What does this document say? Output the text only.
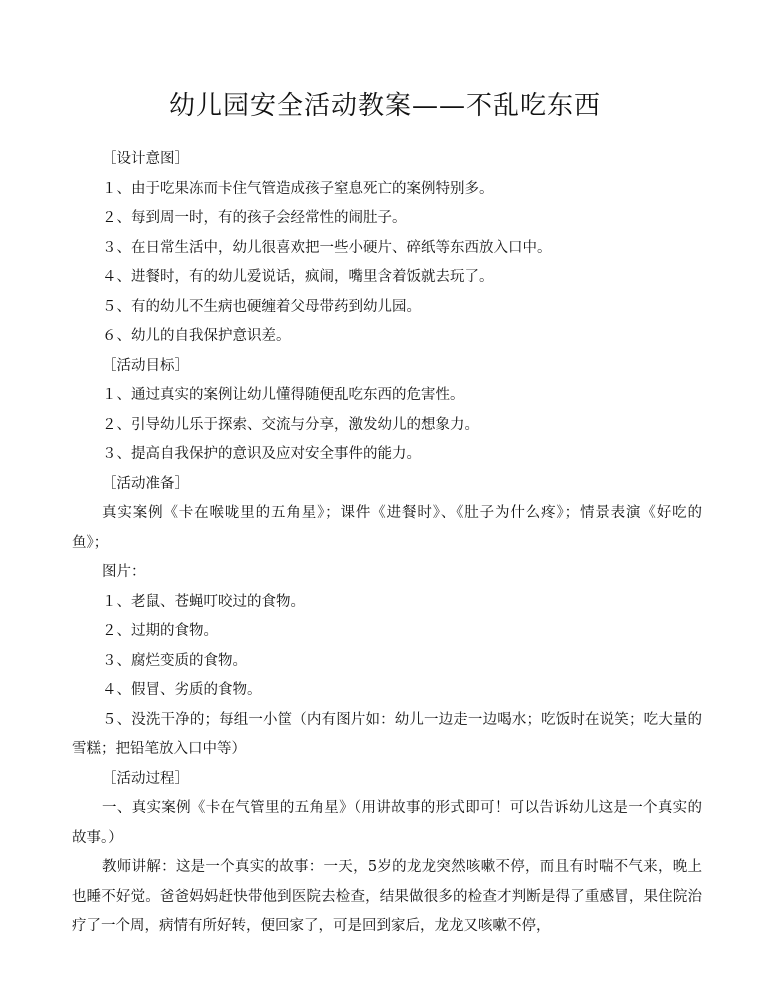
幼儿园安全活动教案——不乱吃东西

［设计意图］

１、由于吃果冻而卡住气管造成孩子窒息死亡的案例特别多。

２、每到周一时，有的孩子会经常性的闹肚子。

３、在日常生活中，幼儿很喜欢把一些小硬片、碎纸等东西放入口中。

４、进餐时，有的幼儿爱说话，疯闹，嘴里含着饭就去玩了。

５、有的幼儿不生病也硬缠着父母带药到幼儿园。

６、幼儿的自我保护意识差。

［活动目标］

１、通过真实的案例让幼儿懂得随便乱吃东西的危害性。

２、引导幼儿乐于探索、交流与分享，激发幼儿的想象力。

３、提高自我保护的意识及应对安全事件的能力。

［活动准备］

真实案例《卡在喉咙里的五角星》；课件《进餐时》、《肚子为什么疼》；情景表演《好吃的鱼》；

图片：

１、老鼠、苍蝇叮咬过的食物。

２、过期的食物。

３、腐烂变质的食物。

４、假冒、劣质的食物。

５、没洗干净的；每组一小筐（内有图片如：幼儿一边走一边喝水；吃饭时在说笑；吃大量的雪糕；把铅笔放入口中等）

［活动过程］

一、真实案例《卡在气管里的五角星》（用讲故事的形式即可！可以告诉幼儿这是一个真实的故事。）

教师讲解：这是一个真实的故事：一天，5岁的龙龙突然咳嗽不停，而且有时喘不气来，晚上也睡不好觉。爸爸妈妈赶快带他到医院去检查，结果做很多的检查才判断是得了重感冒，果住院治疗了一个周，病情有所好转，便回家了，可是回到家后，龙龙又咳嗽不停，
